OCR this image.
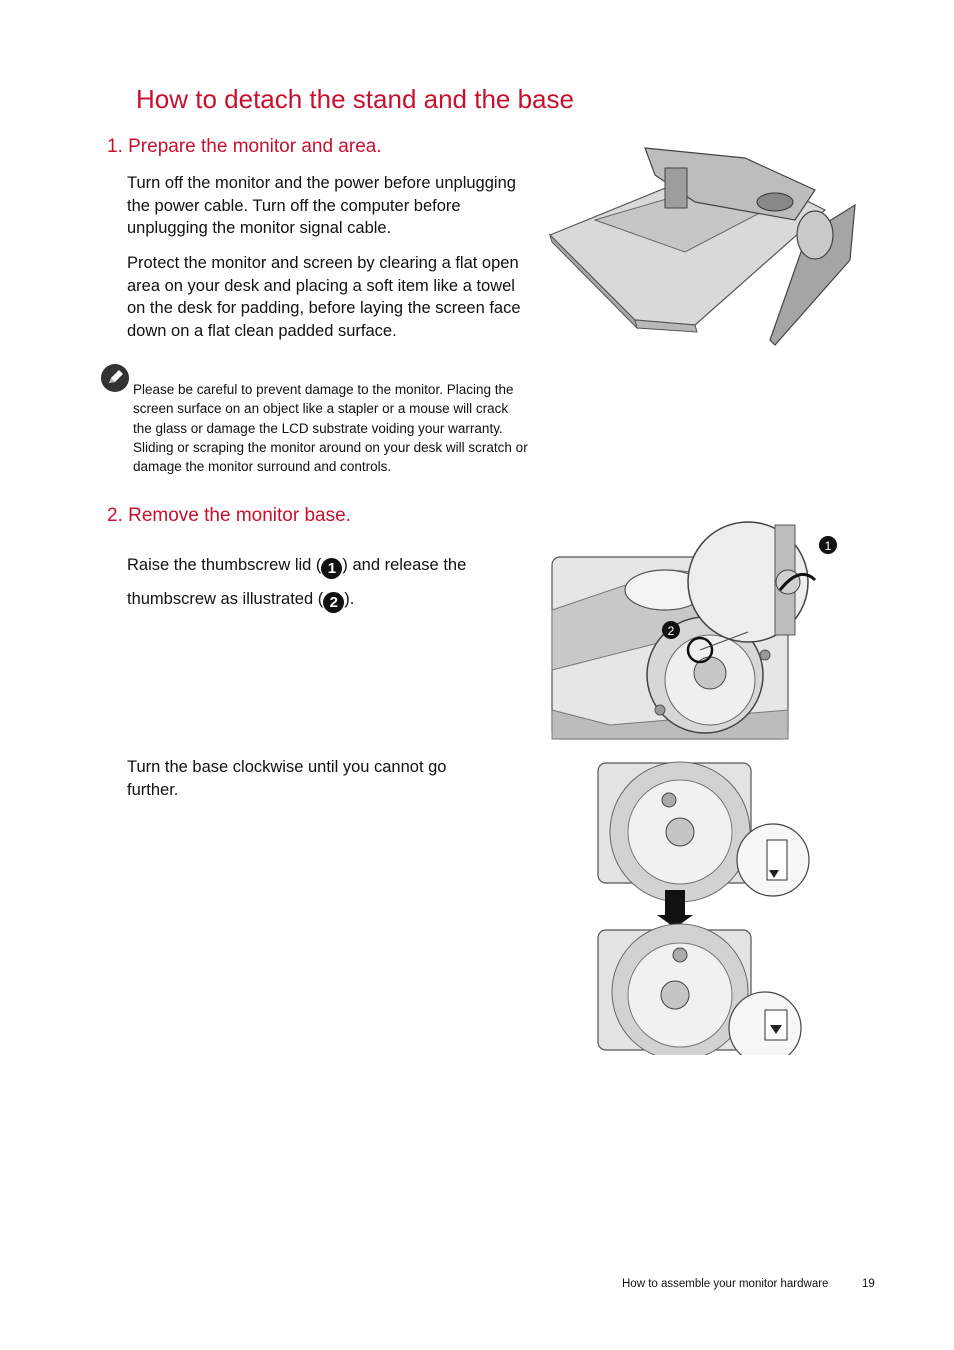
How to detach the stand and the base
1. Prepare the monitor and area.
Turn off the monitor and the power before unplugging the power cable. Turn off the computer before unplugging the monitor signal cable.
Protect the monitor and screen by clearing a flat open area on your desk and placing a soft item like a towel on the desk for padding, before laying the screen face down on a flat clean padded surface.
Please be careful to prevent damage to the monitor. Placing the screen surface on an object like a stapler or a mouse will crack the glass or damage the LCD substrate voiding your warranty. Sliding or scraping the monitor around on your desk will scratch or damage the monitor surround and controls.
2. Remove the monitor base.
Raise the thumbscrew lid ( 1 ) and release the
thumbscrew as illustrated ( 2 ).
Turn the base clockwise until you cannot go further.
1
2
How to assemble your monitor hardware	19
